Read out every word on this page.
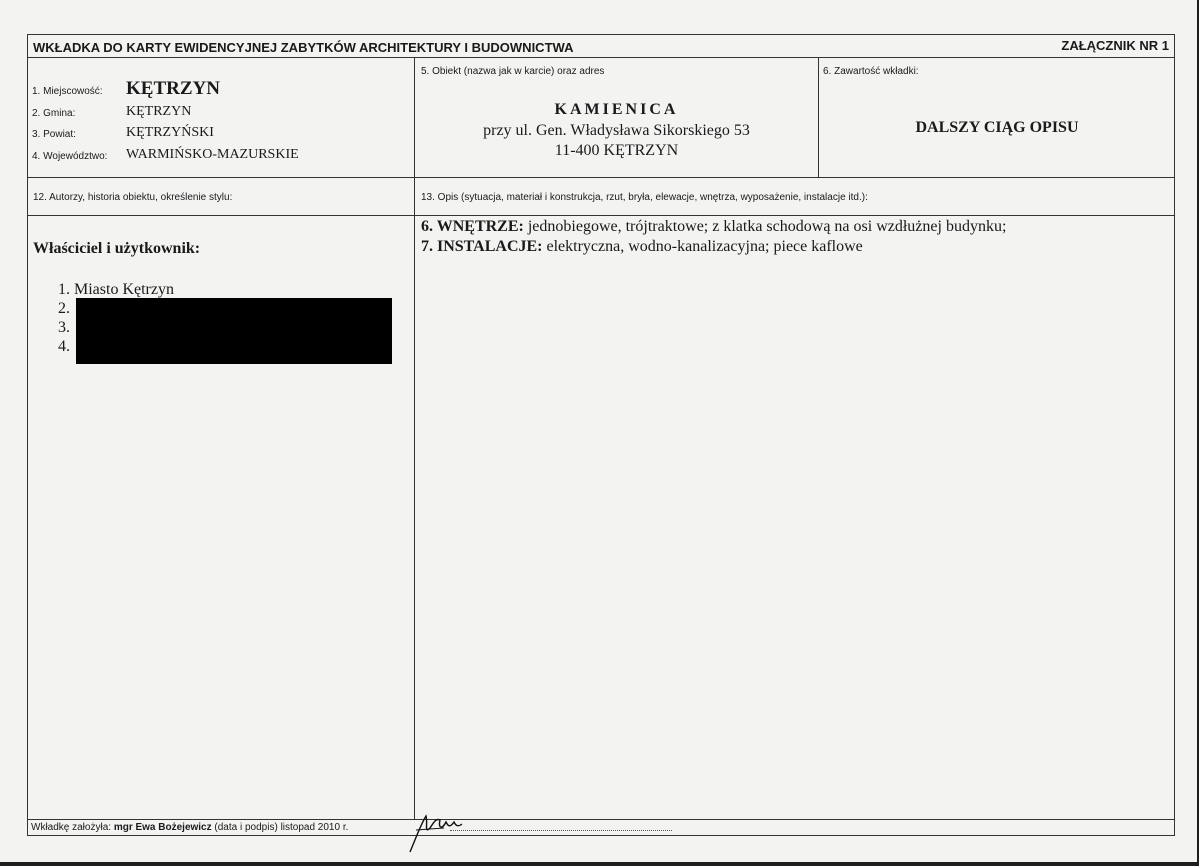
WKŁADKA DO KARTY EWIDENCYJNEJ ZABYTKÓW ARCHITEKTURY I BUDOWNICTWA	ZAŁĄCZNIK NR 1
1. Miejscowość: KĘTRZYN
2. Gmina:	KĘTRZYN
3. Powiat:	KĘTRZYŃSKI
4. Województwo: WARMIŃSKO-MAZURSKIE
5. Obiekt (nazwa jak w karcie) oraz adres
KAMIENICA
przy ul. Gen. Władysława Sikorskiego 53
11-400 KĘTRZYN
6. Zawartość wkładki:
DALSZY CIĄG OPISU
12. Autorzy, historia obiektu, określenie stylu:	13. Opis (sytuacja, materiał i konstrukcja, rzut, bryła, elewacje, wnętrza, wyposażenie, instalacje itd.):
Właściciel i użytkownik:
1. Miasto Kętrzyn
2.
3.
4.
6. WNĘTRZE: jednobiegowe, trójtraktowe; z klatka schodową na osi wzdłużnej budynku;
7. INSTALACJE: elektryczna, wodno-kanalizacyjna; piece kaflowe
Wkładkę założyła: mgr Ewa Bożejewicz (data i podpis) listopad 2010 r.
